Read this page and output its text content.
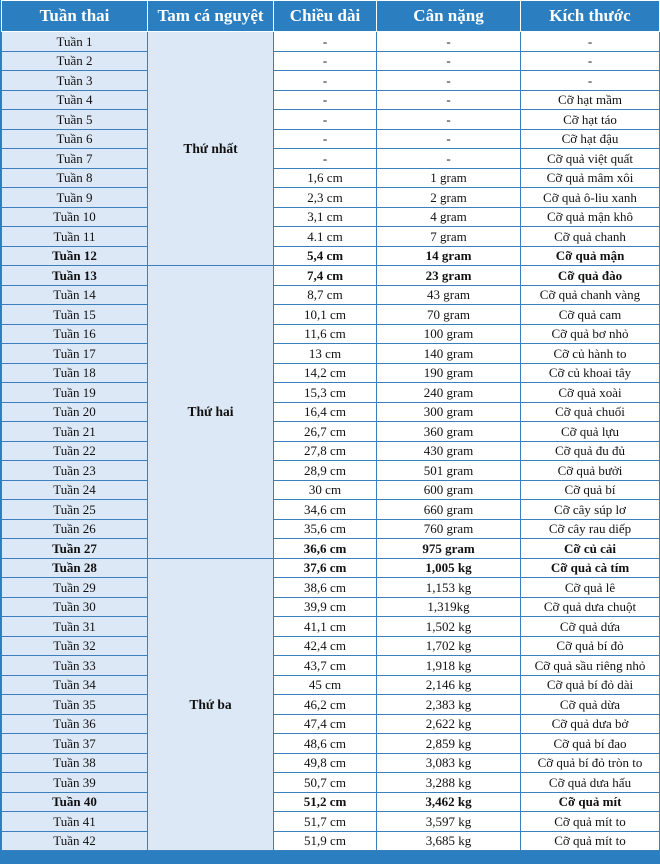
Tuần thai	Tam cá nguyệt	Chiều dài	Cân nặng	Kích thước
Tuần 1	Thứ nhất	-	-	-
Tuần 2		-	-	-
Tuần 3		-	-	-
Tuần 4		-	-	Cỡ hạt mầm
Tuần 5		-	-	Cỡ hạt táo
Tuần 6		-	-	Cỡ hạt đậu
Tuần 7		-	-	Cỡ quả việt quất
Tuần 8		1,6 cm	1 gram	Cỡ quả mâm xôi
Tuần 9		2,3 cm	2 gram	Cỡ quả ô-liu xanh
Tuần 10		3,1 cm	4 gram	Cỡ quả mận khô
Tuần 11		4.1 cm	7 gram	Cỡ quả chanh
Tuần 12		5,4 cm	14 gram	Cỡ quả mận
Tuần 13	Thứ hai	7,4 cm	23 gram	Cỡ quả đào
Tuần 14		8,7 cm	43 gram	Cỡ quả chanh vàng
Tuần 15		10,1 cm	70 gram	Cỡ quả cam
Tuần 16		11,6 cm	100 gram	Cỡ quả bơ nhỏ
Tuần 17		13 cm	140 gram	Cỡ củ hành to
Tuần 18		14,2 cm	190 gram	Cỡ củ khoai tây
Tuần 19		15,3 cm	240 gram	Cỡ quả xoài
Tuần 20		16,4 cm	300 gram	Cỡ quả chuối
Tuần 21		26,7 cm	360 gram	Cỡ quả lựu
Tuần 22		27,8 cm	430 gram	Cỡ quả đu đủ
Tuần 23		28,9 cm	501 gram	Cỡ quả bưởi
Tuần 24		30 cm	600 gram	Cỡ quả bí
Tuần 25		34,6 cm	660 gram	Cỡ cây súp lơ
Tuần 26		35,6 cm	760 gram	Cỡ cây rau diếp
Tuần 27		36,6 cm	975 gram	Cỡ củ cải
Tuần 28	Thứ ba	37,6 cm	1,005 kg	Cỡ quả cà tím
Tuần 29		38,6 cm	1,153 kg	Cỡ quả lê
Tuần 30		39,9 cm	1,319kg	Cỡ quả dưa chuột
Tuần 31		41,1 cm	1,502 kg	Cỡ quả dứa
Tuần 32		42,4 cm	1,702 kg	Cỡ quả bí đỏ
Tuần 33		43,7 cm	1,918 kg	Cỡ quả sầu riêng nhỏ
Tuần 34		45 cm	2,146 kg	Cỡ quả bí đỏ dài
Tuần 35		46,2 cm	2,383 kg	Cỡ quả dừa
Tuần 36		47,4 cm	2,622 kg	Cỡ quả dưa bở
Tuần 37		48,6 cm	2,859 kg	Cỡ quả bí đao
Tuần 38		49,8 cm	3,083 kg	Cỡ quả bí đỏ tròn to
Tuần 39		50,7 cm	3,288 kg	Cỡ quả dưa hấu
Tuần 40		51,2 cm	3,462 kg	Cỡ quả mít
Tuần 41		51,7 cm	3,597 kg	Cỡ quả mít to
Tuần 42		51,9 cm	3,685 kg	Cỡ quả mít to
